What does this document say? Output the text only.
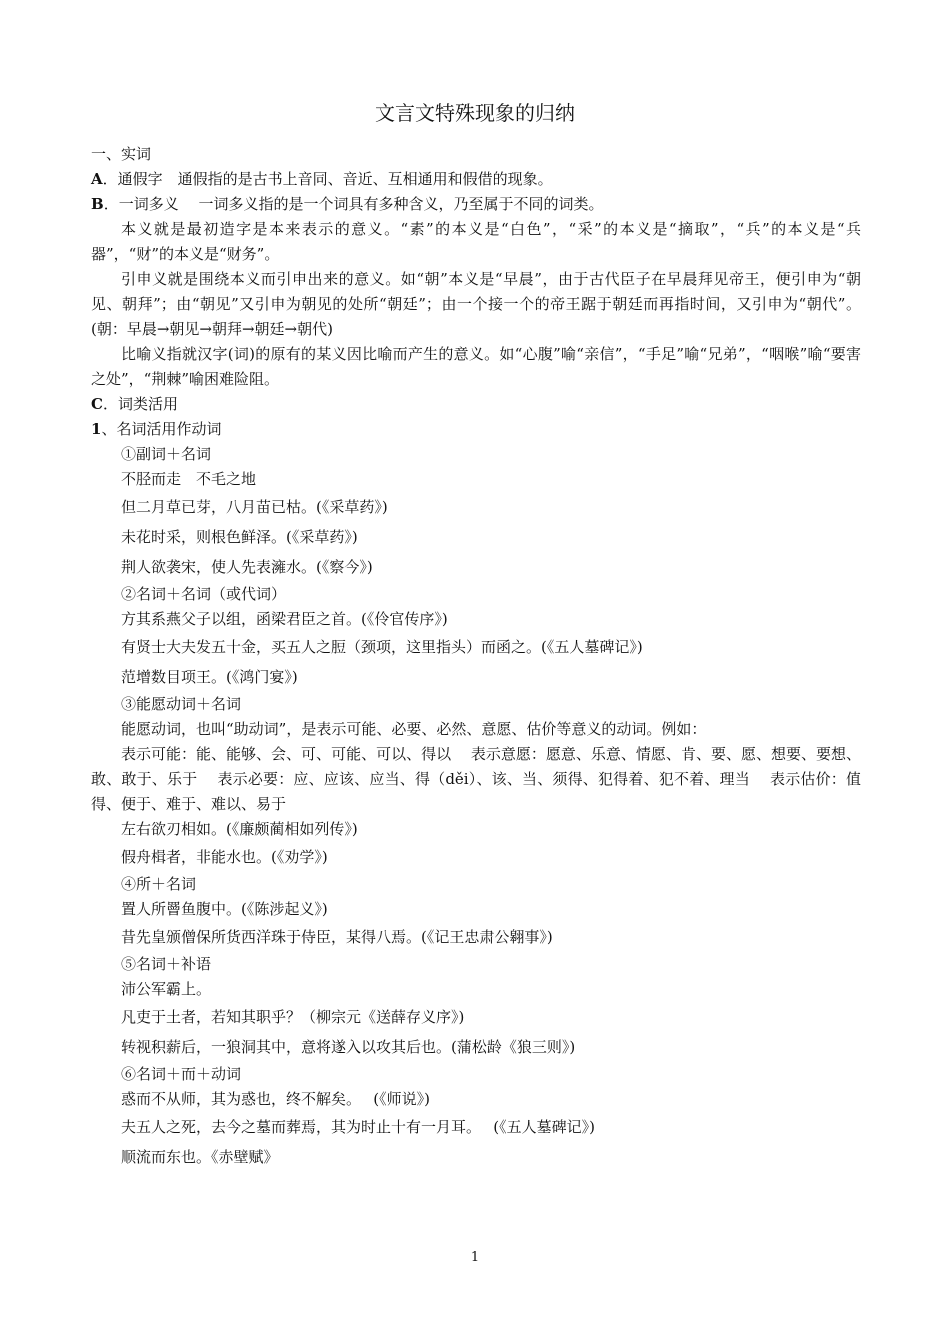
文言文特殊现象的归纳
一、实词
A．通假字　通假指的是古书上音同、音近、互相通用和假借的现象。
B．一词多义　 一词多义指的是一个词具有多种含义，乃至属于不同的词类。
本义就是最初造字是本来表示的意义。“素”的本义是“白色”，“采”的本义是“摘取”，“兵”的本义是“兵器”，“财”的本义是“财务”。
引申义就是围绕本义而引申出来的意义。如“朝”本义是“早晨”，由于古代臣子在早晨拜见帝王，便引申为“朝见、朝拜”；由“朝见”又引申为朝见的处所“朝廷”；由一个接一个的帝王踞于朝廷而再指时间，又引申为“朝代”。(朝：早晨→朝见→朝拜→朝廷→朝代)
比喻义指就汉字(词)的原有的某义因比喻而产生的意义。如“心腹”喻“亲信”，“手足”喻“兄弟”，“咽喉”喻“要害之处”，“荆棘”喻困难险阻。
C．词类活用
1、名词活用作动词
①副词＋名词
不胫而走　不毛之地
但二月草已芽，八月苗已枯。(《采草药》)
未花时采，则根色鲜泽。(《采草药》)
荆人欲袭宋，使人先表澭水。(《察今》)
②名词＋名词（或代词）
方其系燕父子以组，函梁君臣之首。(《伶官传序》)
有贤士大夫发五十金，买五人之脰（颈项，这里指头）而函之。(《五人墓碑记》)
范增数目项王。(《鸿门宴》)
③能愿动词＋名词
能愿动词，也叫“助动词”，是表示可能、必要、必然、意愿、估价等意义的动词。例如：
表示可能：能、能够、会、可、可能、可以、得以　 表示意愿：愿意、乐意、情愿、肯、要、愿、想要、要想、敢、敢于、乐于　 表示必要：应、应该、应当、得（děi）、该、当、须得、犯得着、犯不着、理当　 表示估价：值得、便于、难于、难以、易于
左右欲刃相如。(《廉颇蔺相如列传》)
假舟楫者，非能水也。(《劝学》)
④所＋名词
置人所罾鱼腹中。(《陈涉起义》)
昔先皇颁僧保所货西洋珠于侍臣，某得八焉。(《记王忠肃公翱事》)
⑤名词＋补语
沛公军霸上。
凡吏于土者，若知其职乎？（柳宗元《送薛存义序》)
转视积薪后，一狼洞其中，意将遂入以攻其后也。(蒲松龄《狼三则》)
⑥名词＋而＋动词
惑而不从师，其为惑也，终不解矣。　 (《师说》)
夫五人之死，去今之墓而葬焉，其为时止十有一月耳。　 (《五人墓碑记》)
顺流而东也。《赤壁赋》
1
